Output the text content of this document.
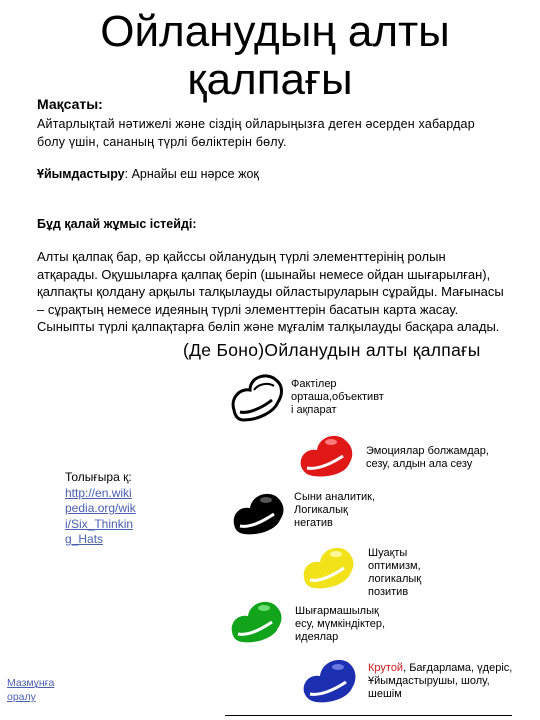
Ойланудың алты
қалпағы
Мақсаты:
Айтарлықтай нәтижелі және сіздің ойларыңызға деген әсерден хабардар болу үшін, сананың түрлі бөліктерін бөлу.
Ұйымдастыру: Арнайы еш нәрсе жоқ
Бұд қалай жұмыс істейді:
Алты қалпақ бар, әр қайссы ойланудың түрлі элементтерінің ролын атқарады. Оқушыларға қалпақ беріп (шынайы немесе ойдан шығарылған), қалпақты қолдану арқылы талқылауды ойластыруларын сұрайды. Мағынасы – сұрақтың немесе идеяның түрлі элементтерін басатын карта жасау. Сыныпты түрлі қалпақтарға бөліп және мұғалім талқылауды басқара алады.
(Де Боно)Ойланудын алты қалпағы
Фактілер орташа,объективт і ақпарат
Эмоциялар болжамдар, сезу, алдын ала сезу
Сыни аналитик, Логикалық негатив
Шуақты оптимизм, логикалық позитив
Шығармашылық есу, мүмкіндіктер, идеялар
Крутой, Бағдарлама, үдеріс, Ұйымдастырушы, шолу, шешім
Толығыра қ:
http://en.wikipedia.org/wiki/Six_Thinking_Hats
Мазмұнға оралу
